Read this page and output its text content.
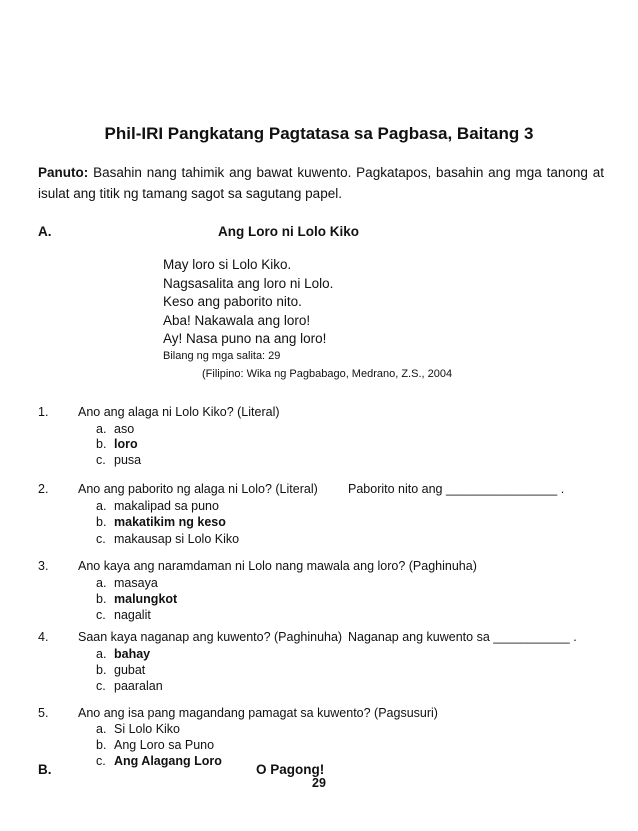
Phil-IRI Pangkatang Pagtatasa sa Pagbasa, Baitang 3
Panuto: Basahin nang tahimik ang bawat kuwento. Pagkatapos, basahin ang mga tanong at isulat ang titik ng tamang sagot sa sagutang papel.
A.	Ang Loro ni Lolo Kiko
May loro si Lolo Kiko.
Nagsasalita ang loro ni Lolo.
Keso ang paborito nito.
Aba! Nakawala ang loro!
Ay! Nasa puno na ang loro!
Bilang ng mga salita: 29
(Filipino: Wika ng Pagbabago, Medrano, Z.S., 2004
1. Ano ang alaga ni Lolo Kiko? (Literal)
a. aso
b. loro
c. pusa
2. Ano ang paborito ng alaga ni Lolo? (Literal) Paborito nito ang ________________ .
a. makalipad sa puno
b. makatikim ng keso
c. makausap si Lolo Kiko
3. Ano kaya ang naramdaman ni Lolo nang mawala ang loro? (Paghinuha)
a. masaya
b. malungkot
c. nagalit
4. Saan kaya naganap ang kuwento? (Paghinuha) Naganap ang kuwento sa ___________ .
a. bahay
b. gubat
c. paaralan
5. Ano ang isa pang magandang pamagat sa kuwento? (Pagsusuri)
a. Si Lolo Kiko
b. Ang Loro sa Puno
c. Ang Alagang Loro
B.	O Pagong!
29
